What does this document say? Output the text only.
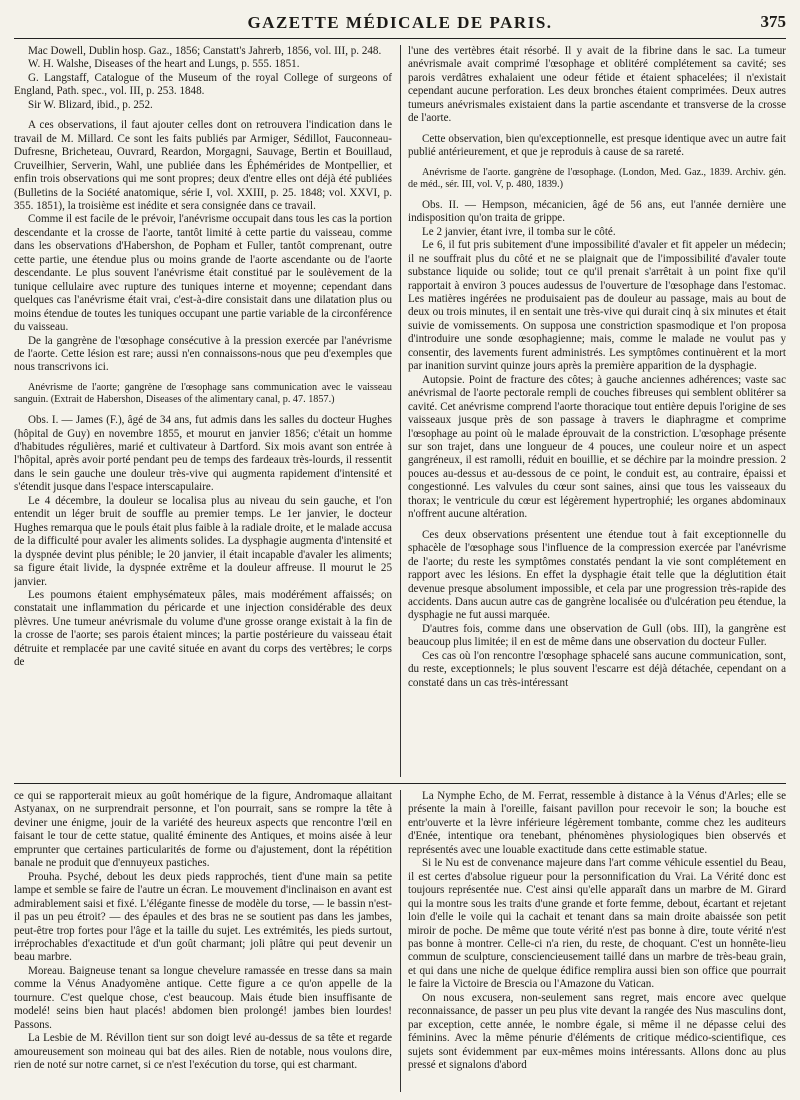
GAZETTE MÉDICALE DE PARIS.	375

Mac Dowell, Dublin hosp. Gaz., 1856; Canstatt's Jahrerb, 1856, vol. III, p. 248.

W. H. Walshe, Diseases of the heart and Lungs, p. 555. 1851.

G. Langstaff, Catalogue of the Museum of the royal College of surgeons of England, Path. spec., vol. III, p. 253. 1848.

Sir W. Blizard, ibid., p. 252.

A ces observations, il faut ajouter celles dont on retrouvera l'indication dans le travail de M. Millard. Ce sont les faits publiés par Armiger, Sédillot, Fauconneau-Dufresne, Bricheteau, Ouvrard, Reardon, Morgagni, Sauvage, Bertin et Bouillaud, Cruveilhier, Serverin, Wahl, une publiée dans les Éphémérides de Montpellier, et enfin trois observations qui me sont propres; deux d'entre elles ont déjà été publiées (Bulletins de la Société anatomique, série I, vol. XXIII, p. 25. 1848; vol. XXVI, p. 355. 1851), la troisième est inédite et sera consignée dans ce travail.

Comme il est facile de le prévoir, l'anévrisme occupait dans tous les cas la portion descendante et la crosse de l'aorte, tantôt limité à cette partie du vaisseau, comme dans les observations d'Habershon, de Popham et Fuller, tantôt comprenant, outre cette partie, une étendue plus ou moins grande de l'aorte ascendante ou de l'aorte descendante. Le plus souvent l'anévrisme était constitué par le soulèvement de la tunique cellulaire avec rupture des tuniques interne et moyenne; cependant dans quelques cas l'anévrisme était vrai, c'est-à-dire consistait dans une dilatation plus ou moins étendue de toutes les tuniques occupant une partie variable de la circonférence du vaisseau.

De la gangrène de l'œsophage consécutive à la pression exercée par l'anévrisme de l'aorte. Cette lésion est rare; aussi n'en connaissons-nous que peu d'exemples que nous transcrivons ici.

Anévrisme de l'aorte; gangrène de l'œsophage sans communication avec le vaisseau sanguin. (Extrait de Habershon, Diseases of the alimentary canal, p. 47. 1857.)

Obs. I. — James (F.), âgé de 34 ans, fut admis dans les salles du docteur Hughes (hôpital de Guy) en novembre 1855, et mourut en janvier 1856; c'était un homme d'habitudes régulières, marié et cultivateur à Dartford. Six mois avant son entrée à l'hôpital, après avoir porté pendant peu de temps des fardeaux très-lourds, il ressentit dans le sein gauche une douleur très-vive qui augmenta rapidement d'intensité et s'étendit jusque dans l'espace interscapulaire.

Le 4 décembre, la douleur se localisa plus au niveau du sein gauche, et l'on entendit un léger bruit de souffle au premier temps. Le 1er janvier, le docteur Hughes remarqua que le pouls était plus faible à la radiale droite, et le malade accusa de la difficulté pour avaler les aliments solides. La dysphagie augmenta d'intensité et la dyspnée devint plus pénible; le 20 janvier, il était incapable d'avaler les aliments; sa figure était livide, la dyspnée extrême et la douleur affreuse. Il mourut le 25 janvier.

Les poumons étaient emphysémateux pâles, mais modérément affaissés; on constatait une inflammation du péricarde et une injection considérable des deux plèvres. Une tumeur anévrismale du volume d'une grosse orange existait à la fin de la crosse de l'aorte; ses parois étaient minces; la partie postérieure du vaisseau était détruite et remplacée par une cavité située en avant du corps des vertèbres; le corps de

l'une des vertèbres était résorbé. Il y avait de la fibrine dans le sac. La tumeur anévrismale avait comprimé l'œsophage et oblitéré complétement sa cavité; ses parois verdâtres exhalaient une odeur fétide et étaient sphacelées; il n'existait cependant aucune perforation. Les deux bronches étaient comprimées. Deux autres tumeurs anévrismales existaient dans la partie ascendante et transverse de la crosse de l'aorte.

Cette observation, bien qu'exceptionnelle, est presque identique avec un autre fait publié antérieurement, et que je reproduis à cause de sa rareté.

Anévrisme de l'aorte. gangrène de l'œsophage. (London, Med. Gaz., 1839. Archiv. gén. de méd., sér. III, vol. V, p. 480, 1839.)

Obs. II. — Hempson, mécanicien, âgé de 56 ans, eut l'année dernière une indisposition qu'on traita de grippe.

Le 2 janvier, étant ivre, il tomba sur le côté.

Le 6, il fut pris subitement d'une impossibilité d'avaler et fit appeler un médecin; il ne souffrait plus du côté et ne se plaignait que de l'impossibilité d'avaler toute substance liquide ou solide; tout ce qu'il prenait s'arrêtait à un point fixe qu'il rapportait à environ 3 pouces audessus de l'ouverture de l'œsophage dans l'estomac. Les matières ingérées ne produisaient pas de douleur au passage, mais au bout de deux ou trois minutes, il en sentait une très-vive qui durait cinq à six minutes et était suivie de vomissements. On supposa une constriction spasmodique et l'on proposa d'introduire une sonde œsophagienne; mais, comme le malade ne voulut pas y consentir, des lavements furent administrés. Les symptômes continuèrent et la mort par inanition survint quinze jours après la première apparition de la dysphagie.

Autopsie. Point de fracture des côtes; à gauche anciennes adhérences; vaste sac anévrismal de l'aorte pectorale rempli de couches fibreuses qui semblent oblitérer sa cavité. Cet anévrisme comprend l'aorte thoracique tout entière depuis l'origine de ses vaisseaux jusque près de son passage à travers le diaphragme et comprime l'œsophage au point où le malade éprouvait de la constriction. L'œsophage présente sur son trajet, dans une longueur de 4 pouces, une couleur noire et un aspect gangréneux, il est ramolli, réduit en bouillie, et se déchire par la moindre pression. 2 pouces au-dessus et au-dessous de ce point, le conduit est, au contraire, épaissi et congestionné. Les valvules du cœur sont saines, ainsi que tous les vaisseaux du thorax; le ventricule du cœur est légèrement hypertrophié; les organes abdominaux n'offrent aucune altération.

Ces deux observations présentent une étendue tout à fait exceptionnelle du sphacèle de l'œsophage sous l'influence de la compression exercée par l'anévrisme de l'aorte; du reste les symptômes constatés pendant la vie sont complétement en rapport avec les lésions. En effet la dysphagie était telle que la déglutition était devenue presque absolument impossible, et cela par une progression très-rapide des accidents. Dans aucun autre cas de gangrène localisée ou d'ulcération peu étendue, la dysphagie ne fut aussi marquée.

D'autres fois, comme dans une observation de Gull (obs. III), la gangrène est beaucoup plus limitée; il en est de même dans une observation du docteur Fuller.

Ces cas où l'on rencontre l'œsophage sphacelé sans aucune communication, sont, du reste, exceptionnels; le plus souvent l'escarre est déjà détachée, cependant on a constaté dans un cas très-intéressant

ce qui se rapporterait mieux au goût homérique de la figure, Andromaque allaitant Astyanax, on ne surprendrait personne, et l'on pourrait, sans se rompre la tête à deviner une énigme, jouir de la variété des heureux aspects que rencontre l'œil en faisant le tour de cette statue, qualité éminente des Antiques, et moins aisée à leur emprunter que certaines particularités de forme ou d'ajustement, dont la répétition banale ne produit que d'ennuyeux pastiches.

Prouha. Psyché, debout les deux pieds rapprochés, tient d'une main sa petite lampe et semble se faire de l'autre un écran. Le mouvement d'inclinaison en avant est admirablement saisi et fixé. L'élégante finesse de modèle du torse, — le bassin n'est-il pas un peu étroit? — des épaules et des bras ne se soutient pas dans les jambes, peut-être trop fortes pour l'âge et la taille du sujet. Les extrémités, les pieds surtout, irréprochables d'exactitude et d'un goût charmant; joli plâtre qui peut devenir un beau marbre.

Moreau. Baigneuse tenant sa longue chevelure ramassée en tresse dans sa main comme la Vénus Anadyomène antique. Cette figure a ce qu'on appelle de la tournure. C'est quelque chose, c'est beaucoup. Mais étude bien insuffisante de modelé! seins bien haut placés! abdomen bien prolongé! jambes bien lourdes! Passons.

La Lesbie de M. Révillon tient sur son doigt levé au-dessus de sa tête et regarde amoureusement son moineau qui bat des ailes. Rien de notable, nous voulons dire, rien de noté sur notre carnet, si ce n'est l'exécution du torse, qui est charmant.

La Nymphe Echo, de M. Ferrat, ressemble à distance à la Vénus d'Arles; elle se présente la main à l'oreille, faisant pavillon pour recevoir le son; la bouche est entr'ouverte et la lèvre inférieure légèrement tombante, comme chez les auditeurs d'Enée, intentique ora tenebant, phénomènes physiologiques bien observés et représentés avec une louable exactitude dans cette estimable statue.

Si le Nu est de convenance majeure dans l'art comme véhicule essentiel du Beau, il est certes d'absolue rigueur pour la personnification du Vrai. La Vérité donc est toujours représentée nue. C'est ainsi qu'elle apparaît dans un marbre de M. Girard qui la montre sous les traits d'une grande et forte femme, debout, écartant et rejetant loin d'elle le voile qui la cachait et tenant dans sa main droite abaissée son petit miroir de poche. De même que toute vérité n'est pas bonne à dire, toute vérité n'est pas bonne à montrer. Celle-ci n'a rien, du reste, de choquant. C'est un honnête-lieu commun de sculpture, consciencieusement taillé dans un marbre de très-beau grain, et qui dans une niche de quelque édifice remplira aussi bien son office que pourrait le faire la Victoire de Brescia ou l'Amazone du Vatican.

On nous excusera, non-seulement sans regret, mais encore avec quelque reconnaissance, de passer un peu plus vite devant la rangée des Nus masculins dont, par exception, cette année, le nombre égale, si même il ne dépasse celui des féminins. Avec la même pénurie d'éléments de critique médico-scientifique, ces sujets sont évidemment par eux-mêmes moins intéressants. Allons donc au plus pressé et signalons d'abord
